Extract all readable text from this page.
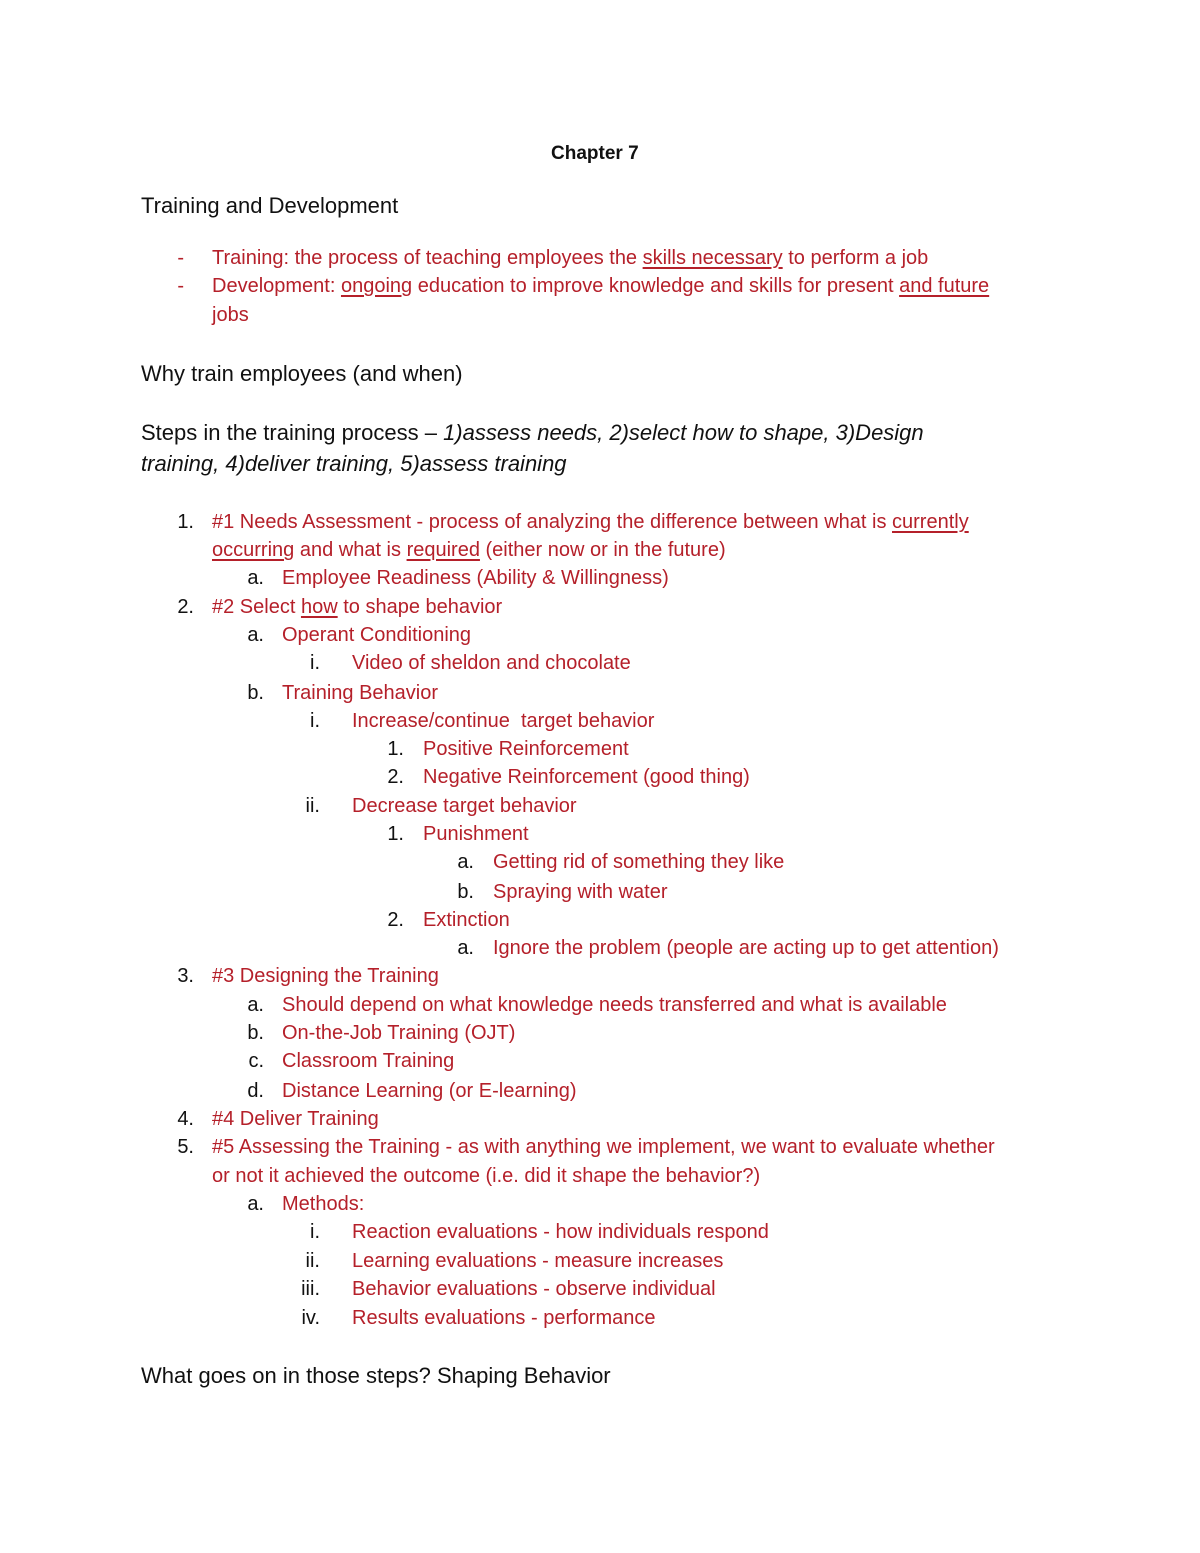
Chapter 7
Training and Development
- Training: the process of teaching employees the skills necessary to perform a job
- Development: ongoing education to improve knowledge and skills for present and future
jobs
Why train employees (and when)
Steps in the training process – 1)assess needs, 2)select how to shape, 3)Design
training, 4)deliver training, 5)assess training
1. #1 Needs Assessment - process of analyzing the difference between what is currently
occurring and what is required (either now or in the future)
a. Employee Readiness (Ability & Willingness)
2. #2 Select how to shape behavior
a. Operant Conditioning
i. Video of sheldon and chocolate
b. Training Behavior
i. Increase/continue  target behavior
1. Positive Reinforcement
2. Negative Reinforcement (good thing)
ii. Decrease target behavior
1. Punishment
a. Getting rid of something they like
b. Spraying with water
2. Extinction
a. Ignore the problem (people are acting up to get attention)
3. #3 Designing the Training
a. Should depend on what knowledge needs transferred and what is available
b. On-the-Job Training (OJT)
c. Classroom Training
d. Distance Learning (or E-learning)
4. #4 Deliver Training
5. #5 Assessing the Training - as with anything we implement, we want to evaluate whether
or not it achieved the outcome (i.e. did it shape the behavior?)
a. Methods:
i. Reaction evaluations - how individuals respond
ii. Learning evaluations - measure increases
iii. Behavior evaluations - observe individual
iv. Results evaluations - performance
What goes on in those steps? Shaping Behavior
